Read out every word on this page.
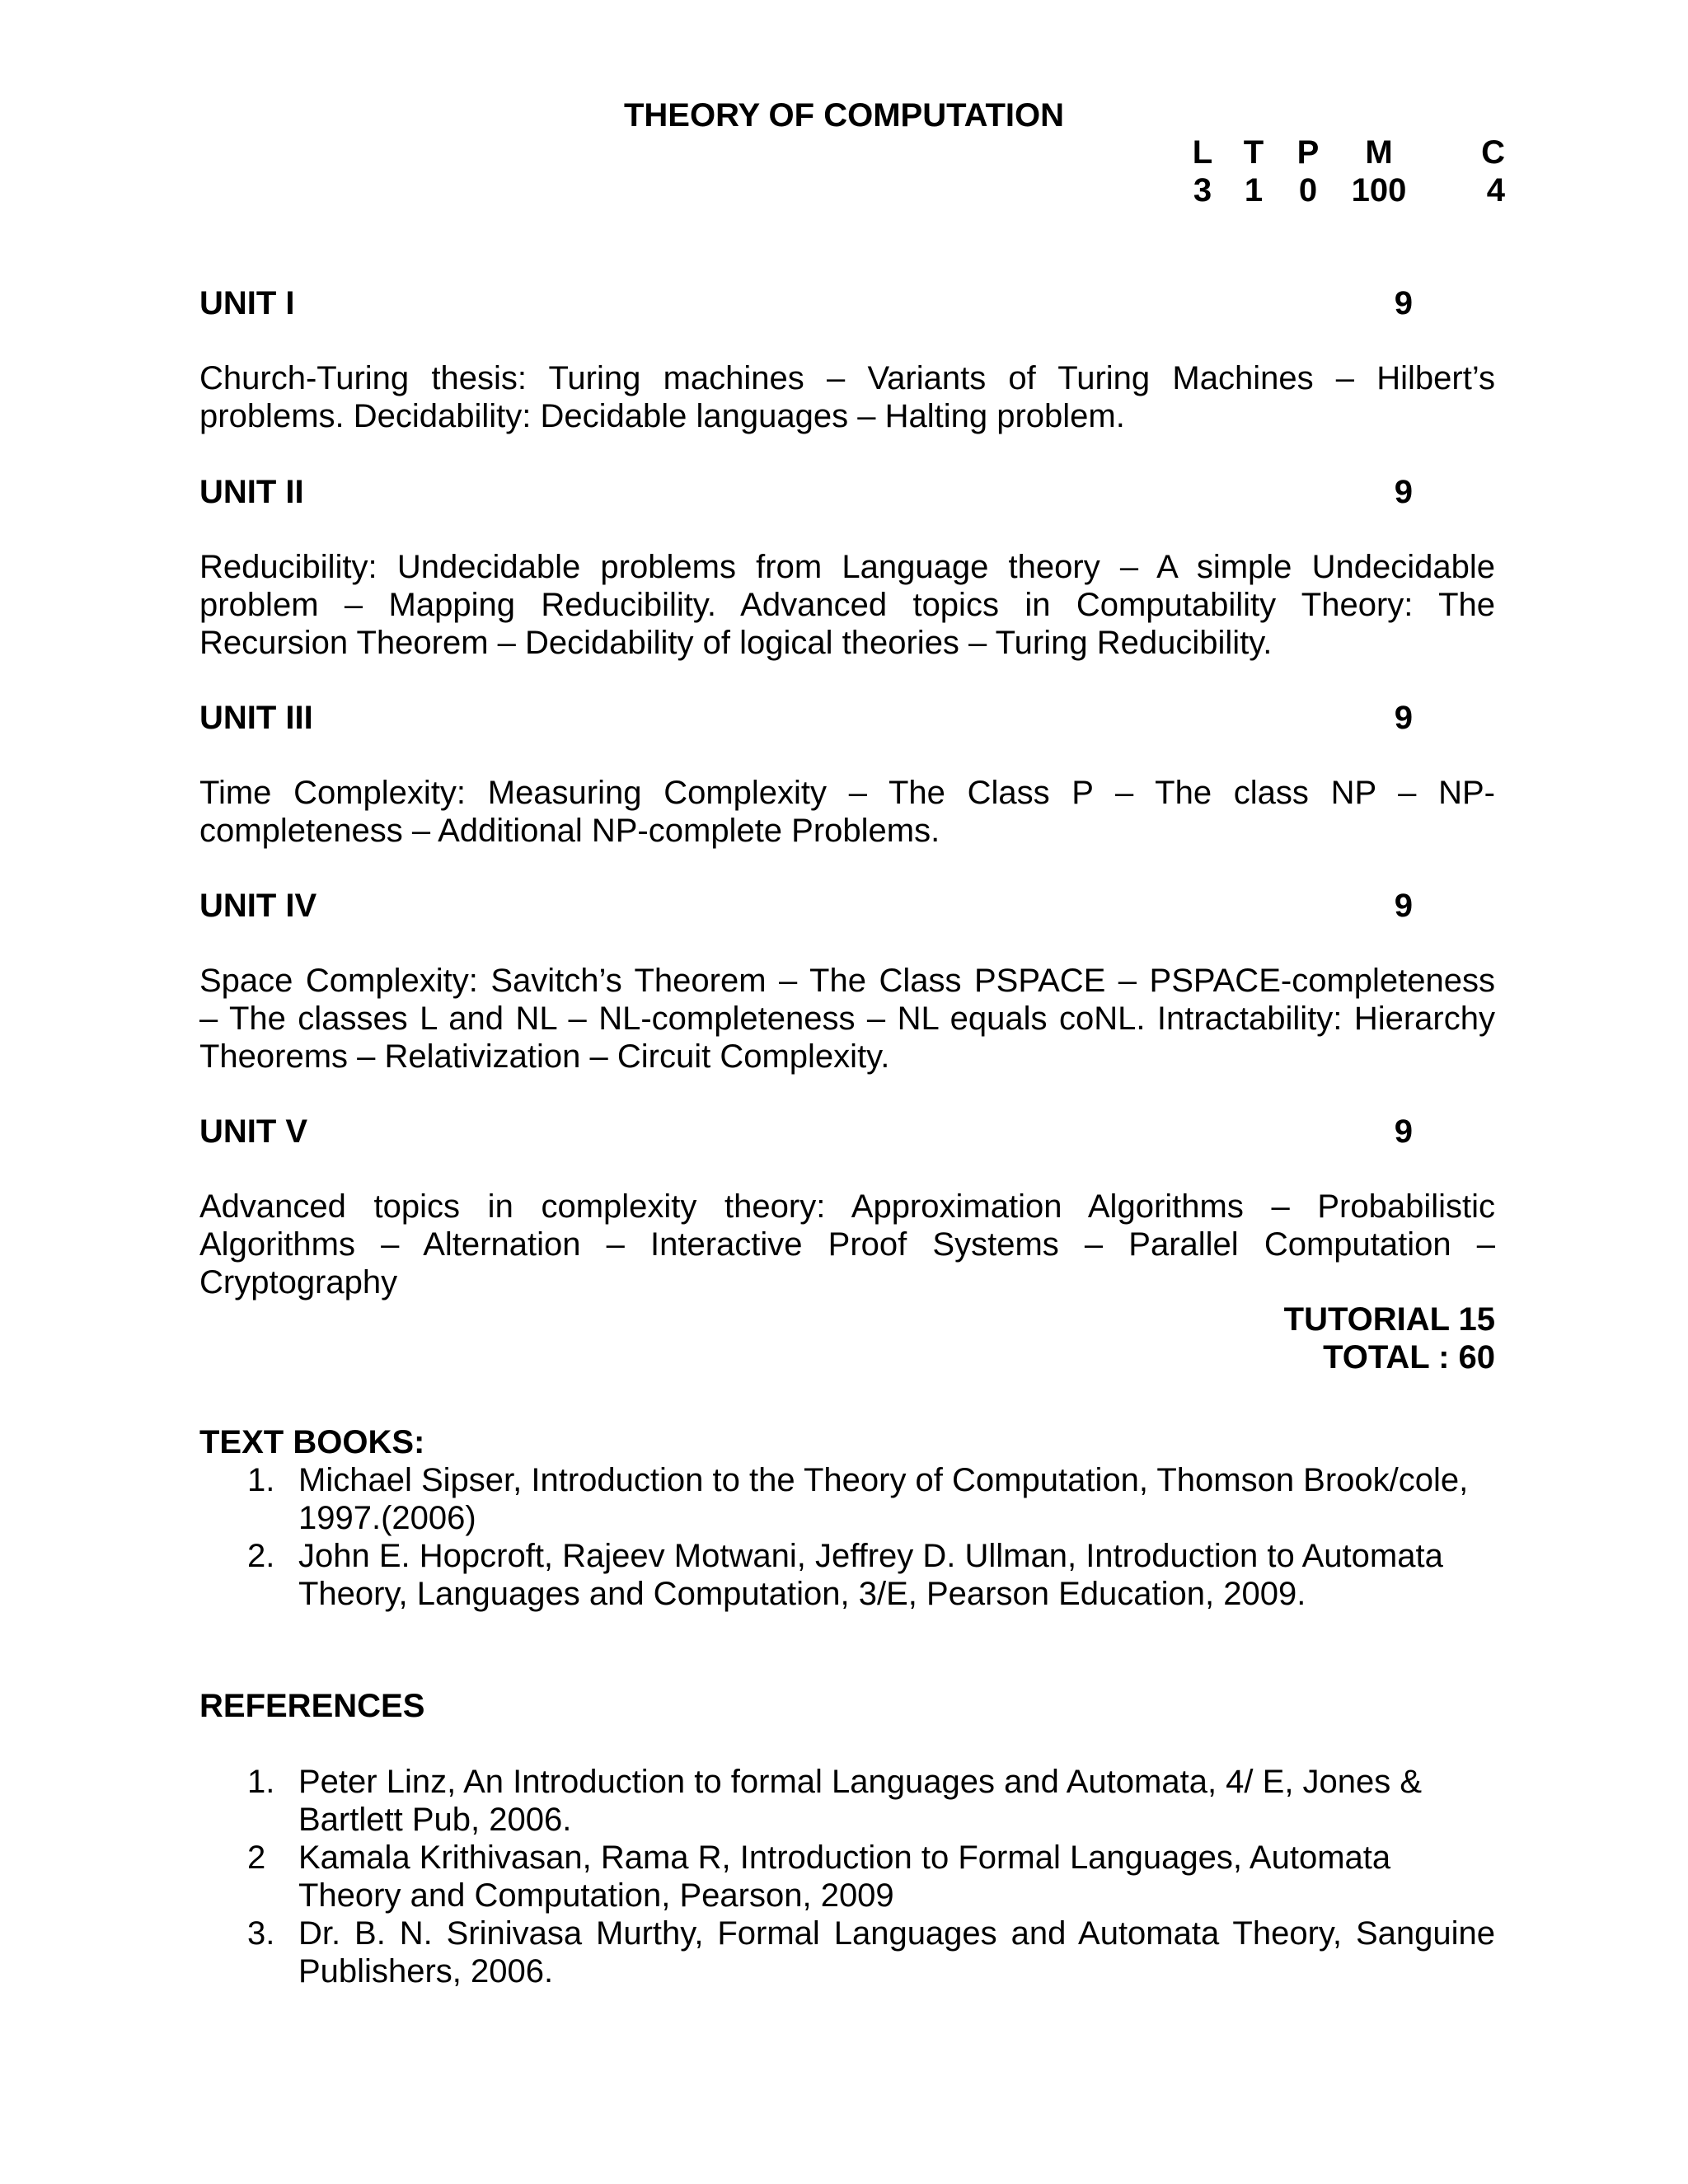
THEORY OF COMPUTATION
L	T	P	M	C
3	1	0	100	4
UNIT I	9
Church-Turing thesis: Turing machines – Variants of Turing Machines – Hilbert’s
problems. Decidability: Decidable languages – Halting problem.
UNIT II	9
Reducibility: Undecidable problems from Language theory – A simple Undecidable
problem – Mapping Reducibility. Advanced topics in Computability Theory: The
Recursion Theorem – Decidability of logical theories – Turing Reducibility.
UNIT III	9
Time Complexity: Measuring Complexity – The Class P – The class NP – NP-
completeness – Additional NP-complete Problems.
UNIT IV	9
Space Complexity: Savitch’s Theorem – The Class PSPACE – PSPACE-completeness
– The classes L and NL – NL-completeness – NL equals coNL. Intractability: Hierarchy
Theorems – Relativization – Circuit Complexity.
UNIT V	9
Advanced topics in complexity theory: Approximation Algorithms – Probabilistic
Algorithms – Alternation – Interactive Proof Systems – Parallel Computation –
Cryptography
TUTORIAL 15
TOTAL : 60
TEXT BOOKS:
1. Michael Sipser, Introduction to the Theory of Computation, Thomson Brook/cole,
1997.(2006)
2. John E. Hopcroft, Rajeev Motwani, Jeffrey D. Ullman, Introduction to Automata
Theory, Languages and Computation, 3/E, Pearson Education, 2009.
REFERENCES
1. Peter Linz, An Introduction to formal Languages and Automata, 4/ E, Jones &
Bartlett Pub, 2006.
2 Kamala Krithivasan, Rama R, Introduction to Formal Languages, Automata
Theory and Computation, Pearson, 2009
3. Dr. B. N. Srinivasa Murthy, Formal Languages and Automata Theory, Sanguine
Publishers, 2006.
